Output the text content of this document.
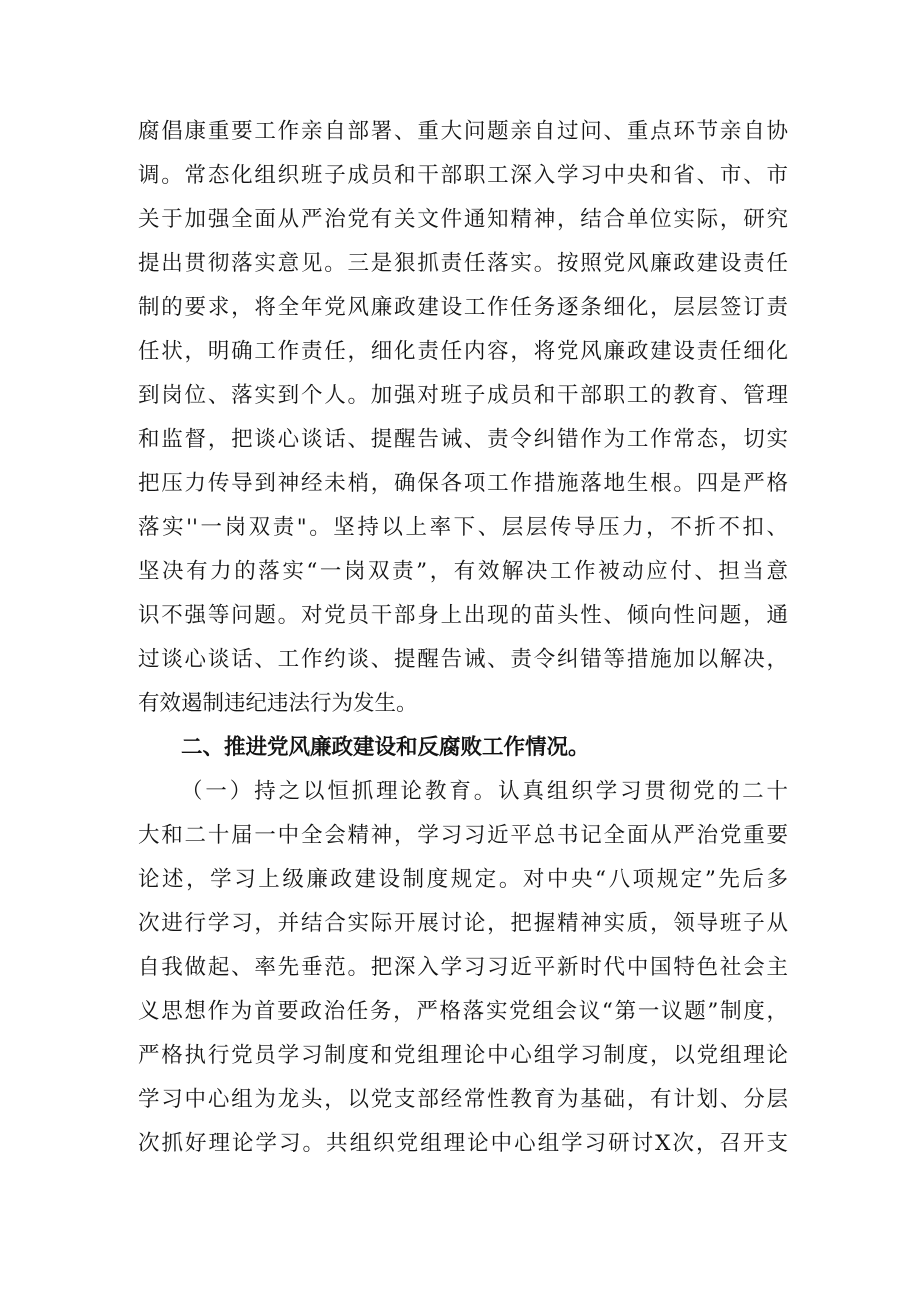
腐倡康重要工作亲自部署、重大问题亲自过问、重点环节亲自协
调。常态化组织班子成员和干部职工深入学习中央和省、市、市
关于加强全面从严治党有关文件通知精神，结合单位实际，研究
提出贯彻落实意见。三是狠抓责任落实。按照党风廉政建设责任
制的要求，将全年党风廉政建设工作任务逐条细化，层层签订责
任状，明确工作责任，细化责任内容，将党风廉政建设责任细化
到岗位、落实到个人。加强对班子成员和干部职工的教育、管理
和监督，把谈心谈话、提醒告诫、责令纠错作为工作常态，切实
把压力传导到神经未梢，确保各项工作措施落地生根。四是严格
落实''一岗双责"。坚持以上率下、层层传导压力，不折不扣、
坚决有力的落实“一岗双责”，有效解决工作被动应付、担当意
识不强等问题。对党员干部身上出现的苗头性、倾向性问题，通
过谈心谈话、工作约谈、提醒告诫、责令纠错等措施加以解决，
有效遏制违纪违法行为发生。
二、推进党风廉政建设和反腐败工作情况。
（一）持之以恒抓理论教育。认真组织学习贯彻党的二十
大和二十届一中全会精神，学习习近平总书记全面从严治党重要
论述，学习上级廉政建设制度规定。对中央“八项规定”先后多
次进行学习，并结合实际开展讨论，把握精神实质，领导班子从
自我做起、率先垂范。把深入学习习近平新时代中国特色社会主
义思想作为首要政治任务，严格落实党组会议“第一议题”制度，
严格执行党员学习制度和党组理论中心组学习制度，以党组理论
学习中心组为龙头，以党支部经常性教育为基础，有计划、分层
次抓好理论学习。共组织党组理论中心组学习研讨X次，召开支
